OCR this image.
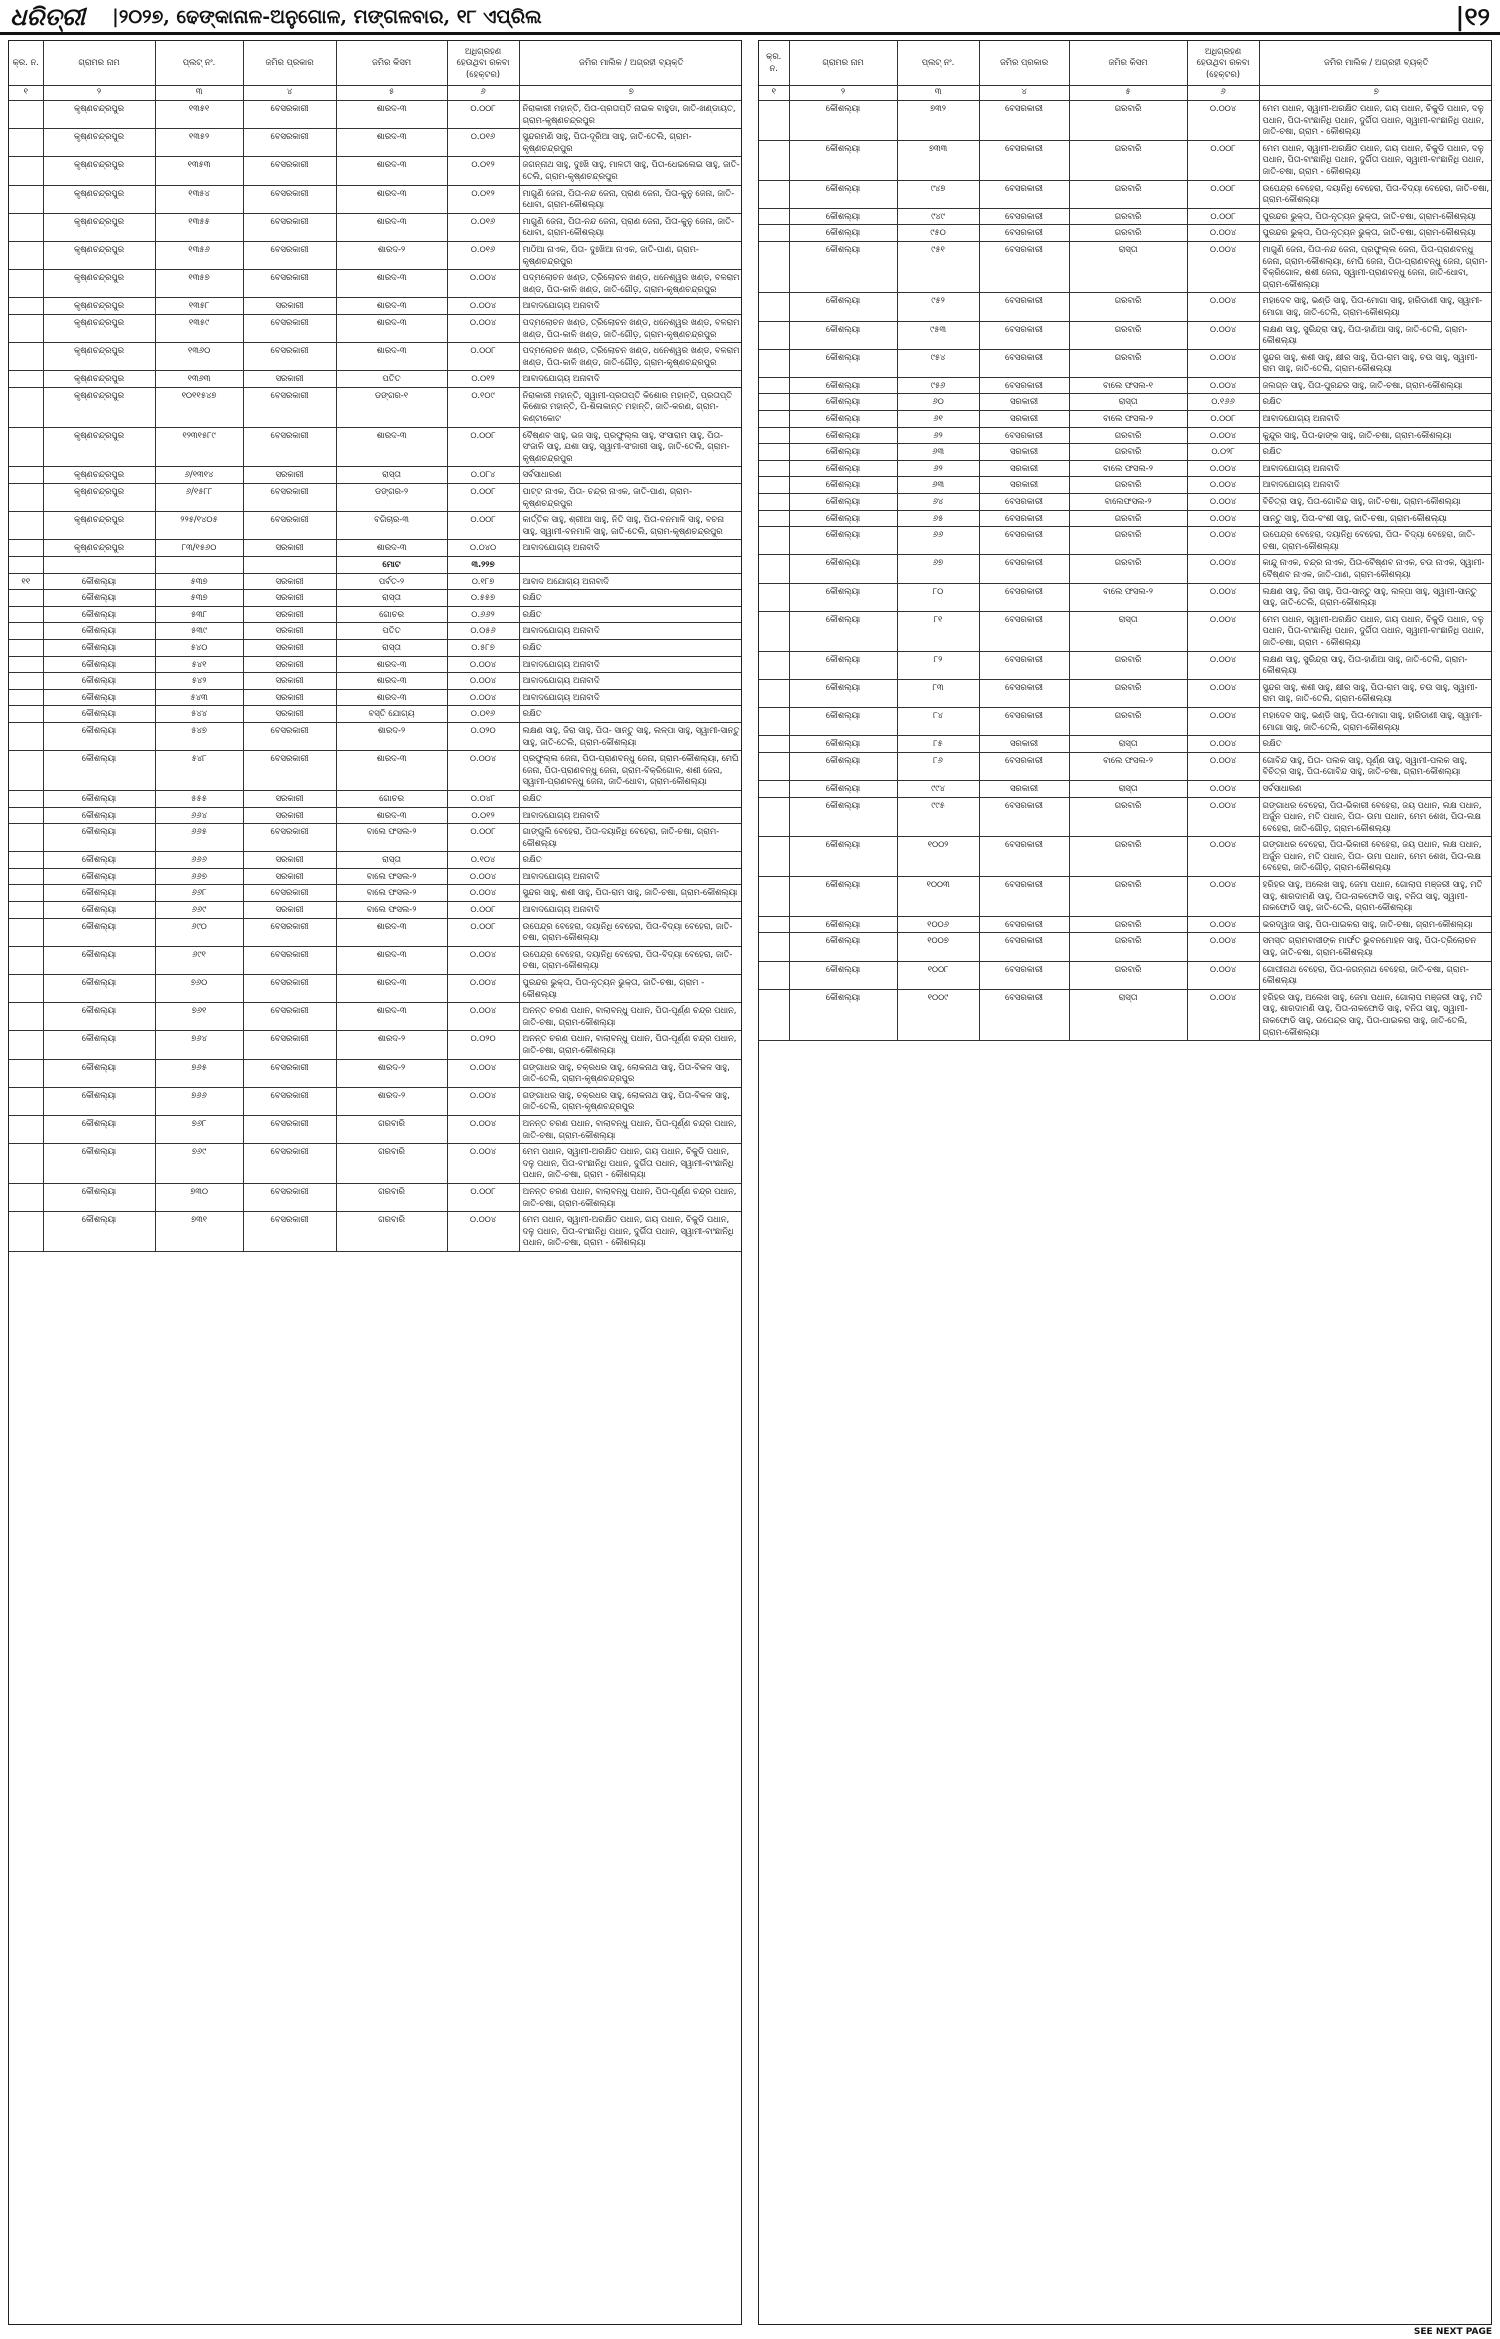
ଧରିତ୍ରୀ |୨୦୨୭, ଢେଙ୍କାନାଳ-ଅନୁଗୋଳ, ମଙ୍ଗଳବାର, ୧୮ ଏପ୍ରିଲ	|୧୨
କ୍ର. ନ.	ଗ୍ରାମର ନାମ	ପ୍ଲଟ୍ ନଂ.	ଜମିର ପ୍ରକାର	ଜମିର କିସମ	ଅଧିଗ୍ରହଣ ହେଉଥିବା ରକବା (ହେକ୍ଟର)	ଜମିର ମାଲିକ / ଅଗ୍ରହୀ ବ୍ୟକ୍ତି
୧	୨	୩	୪	୫	୬	୭
	କୃଷ୍ଣଚନ୍ଦ୍ରପୁର	୧୩୫୧	ବେସରକାରୀ	ଶାରଦ-୩	୦.୦୦୮	ନିରାକାରୀ ମହାନ୍ତି, ପିତା-ପ୍ରତାପ୍ତି ନାଇକ ବାହୁଡା, ଜାତି-ଖଣ୍ଡାୟତ, ଗ୍ରାମ-କୃଷ୍ଣଚନ୍ଦ୍ରପୁର
	କୃଷ୍ଣଚନ୍ଦ୍ରପୁର	୧୩୫୨	ବେସରକାରୀ	ଶାରଦ-୩	୦.୦୧୬	ସୁନ୍ଦରମଣି ସାହୁ, ପିତା-ଦୂରିଆ ସାହୁ, ଜାତି-ତେଲି, ଗ୍ରାମ-କୃଷ୍ଣଚନ୍ଦ୍ରପୁର
	କୃଷ୍ଣଚନ୍ଦ୍ରପୁର	୧୩୫୩	ବେସରକାରୀ	ଶାରଦ-୩	୦.୦୧୨	ଜଗନ୍ନାଥ ସାହୁ, ଦୁଃଖି ସାହୁ, ମାଳତୀ ସାହୁ, ପିତା-ଧେଇଲେଇ ସାହୁ, ଜାତି-ତେଲି, ଗ୍ରାମ-କୃଷ୍ଣଚନ୍ଦ୍ରପୁର
	କୃଷ୍ଣଚନ୍ଦ୍ରପୁର	୧୩୫୪	ବେସରକାରୀ	ଶାରଦ-୩	୦.୦୧୨	ମାଗୁଣି ଜେନା, ପିତା-ନନ୍ଦ ଜେନା, ପ୍ରାଣ ଜେନା, ପିତା-କୁନୁ ଜେନା, ଜାତି-ଧୋବା, ଗ୍ରାମ-କୌଶଲ୍ୟା
	କୃଷ୍ଣଚନ୍ଦ୍ରପୁର	୧୩୫୫	ବେସରକାରୀ	ଶାରଦ-୩	୦.୦୧୬	ମାଗୁଣି ଜେନା, ପିତା-ନନ୍ଦ ଜେନା, ପ୍ରାଣ ଜେନା, ପିତା-କୁନୁ ଜେନା, ଜାତି-ଧୋବା, ଗ୍ରାମ-କୌଶଲ୍ୟା
	କୃଷ୍ଣଚନ୍ଦ୍ରପୁର	୧୩୫୬	ବେସରକାରୀ	ଶାରଦ-୨	୦.୦୧୬	ମାଠିଆ ନାଏକ, ପିତା- ଦୁଃଖିଆ ନାଏକ, ଜାତି-ପାଣ, ଗ୍ରାମ-କୃଷ୍ଣଚନ୍ଦ୍ରପୁର
	କୃଷ୍ଣଚନ୍ଦ୍ରପୁର	୧୩୫୭	ବେସରକାରୀ	ଶାରଦ-୩	୦.୦୦୪	ପଦ୍ମଲୋଚନ ଖଣ୍ଡ, ତ୍ରିଲୋଚନ ଖଣ୍ଡ, ଧନେଶ୍ୱର ଖଣ୍ଡ, ବଳରାମ ଖଣ୍ଡ, ପିତା-କାଳି ଖଣ୍ଡ, ଜାତି-ଗୌଡ଼, ଗ୍ରାମ-କୃଷ୍ଣଚନ୍ଦ୍ରପୁର
	କୃଷ୍ଣଚନ୍ଦ୍ରପୁର	୧୩୫୮	ସରକାରୀ	ଶାରଦ-୩	୦.୦୦୪	ଆବାଦଯୋଗ୍ୟ ଅନାବାଦି
	କୃଷ୍ଣଚନ୍ଦ୍ରପୁର	୧୩୫୯	ବେସରକାରୀ	ଶାରଦ-୩	୦.୦୦୪	ପଦ୍ମଲୋଚନ ଖଣ୍ଡ, ତ୍ରିଲୋଚନ ଖଣ୍ଡ, ଧନେଶ୍ୱର ଖଣ୍ଡ, ବଳରାମ ଖଣ୍ଡ, ପିତା-କାଳି ଖଣ୍ଡ, ଜାତି-ଗୌଡ଼, ଗ୍ରାମ-କୃଷ୍ଣଚନ୍ଦ୍ରପୁର
	କୃଷ୍ଣଚନ୍ଦ୍ରପୁର	୧୩୬୦	ବେସରକାରୀ	ଶାରଦ-୩	୦.୦୦୮	ପଦ୍ମଲୋଚନ ଖଣ୍ଡ, ତ୍ରିଲୋଚନ ଖଣ୍ଡ, ଧନେଶ୍ୱର ଖଣ୍ଡ, ବଳରାମ ଖଣ୍ଡ, ପିତା-କାଳି ଖଣ୍ଡ, ଜାତି-ଗୌଡ଼, ଗ୍ରାମ-କୃଷ୍ଣଚନ୍ଦ୍ରପୁର
	କୃଷ୍ଣଚନ୍ଦ୍ରପୁର	୧୩୬୩	ସରକାରୀ	ପତିତ	୦.୦୧୨	ଆବାଦଯୋଗ୍ୟ ଅନାବାଦି
	କୃଷ୍ଣଚନ୍ଦ୍ରପୁର	୧୦୧୧୫୪୭	ବେସରକାରୀ	ଡଙ୍ଗର-୧	୦.୧୦୯	ନିରାକାରୀ ମହାନ୍ତି, ସ୍ୱାମୀ-ପ୍ରତାପ୍ତି କିଶୋର ମହାନ୍ତି, ପ୍ରତାପ୍ତି କିଶୋର ମହାନ୍ତି, ପି-ଶିଳାକାନ୍ତ ମହାନ୍ତି, ଜାତି-କରଣ, ଗ୍ରାମ- କଣ୍ଟାକୋଟ
	କୃଷ୍ଣଚନ୍ଦ୍ରପୁର	୧୨୩୧୫୮୯	ବେସରକାରୀ	ଶାରଦ-୩	୦.୦୦୮	ବୈଷ୍ଣବ ସାହୁ, ଭଜ ସାହୁ, ପ୍ରଫୁଲ୍ଲ ସାହୁ, ସଂସାରାମ ସାହୁ, ପିତା-ସଂଜାଳି ସାହୁ, ଯଶା ସାହୁ, ସ୍ୱାମୀ-ସଂଜାରୀ ସାହୁ, ଜାତି-ତେଲି, ଗ୍ରାମ-କୃଷ୍ଣଚନ୍ଦ୍ରପୁର
	କୃଷ୍ଣଚନ୍ଦ୍ରପୁର	୬/୧୩୧୪	ସରକାରୀ	ରାସ୍ତା	୦.୦୮୪	ସର୍ବସାଧାରଣ
	କୃଷ୍ଣଚନ୍ଦ୍ରପୁର	୬/୧୫୮୮	ବେସରକାରୀ	ଡଙ୍ଗର-୨	୦.୦୦୮	ପାଟ୍ଟ ନାଏକ, ପିତା- ଚନ୍ଦ୍ର ନାଏକ, ଜାତି-ପାଣ, ଗ୍ରାମ-କୃଷ୍ଣଚନ୍ଦ୍ରପୁର
	କୃଷ୍ଣଚନ୍ଦ୍ରପୁର	୨୨୫/୧୪୦୫	ବେସରକାରୀ	ବଗିଚାର-୩	୦.୦୦୮	କାର୍ତ୍ତିକ ସାହୁ, ଶ୍ରୀଆ ସାହୁ, ନିତି ସାହୁ, ପିତା-ବନମାଳି ସାହୁ, ବଚନା ସାହୁ, ସ୍ୱାମୀ-ବନମାଳି ସାହୁ, ଜାତି-ତେଲି, ଗ୍ରାମ-କୃଷ୍ଣଚନ୍ଦ୍ରପୁର
	କୃଷ୍ଣଚନ୍ଦ୍ରପୁର	୮୩/୧୫୬୦	ସରକାରୀ	ଶାରଦ-୩	୦.୦୪୦	ଆବାଦଯୋଗ୍ୟ ଅନାବାଦି
				ମୋଟ	୩.୨୨୭	
୧୧	କୌଶଲ୍ୟା	୫୩୭	ସରକାରୀ	ପର୍ବତ-୨	୦.୧୮୭	ଆବାଦ ଅଯୋଗ୍ୟ ଅନାବାଦି
	କୌଶଲ୍ୟା	୫୩୭	ସରକାରୀ	ରାସ୍ତା	୦.୫୫୭	ରକ୍ଷିତ
	କୌଶଲ୍ୟା	୫୩୮	ସରକାରୀ	ଗୋଚର	୦.୬୬୨	ରକ୍ଷିତ
	କୌଶଲ୍ୟା	୫୩୯	ସରକାରୀ	ପତିତ	୦.୦୫୬	ଆବାଦଯୋଗ୍ୟ ଅନାବାଦି
	କୌଶଲ୍ୟା	୫୪୦	ସରକାରୀ	ରାସ୍ତା	୦.୫୮୭	ରକ୍ଷିତ
	କୌଶଲ୍ୟା	୫୪୧	ସରକାରୀ	ଶାରଦ-୩	୦.୦୦୪	ଆବାଦଯୋଗ୍ୟ ଅନାବାଦି
	କୌଶଲ୍ୟା	୫୪୨	ସରକାରୀ	ଶାରଦ-୩	୦.୦୦୪	ଆବାଦଯୋଗ୍ୟ ଅନାବାଦି
	କୌଶଲ୍ୟା	୫୪୩	ସରକାରୀ	ଶାରଦ-୩	୦.୦୦୪	ଆବାଦଯୋଗ୍ୟ ଅନାବାଦି
	କୌଶଲ୍ୟା	୫୪୪	ସରକାରୀ	ବସ୍ତି ଯୋଗ୍ୟ	୦.୦୧୬	ରକ୍ଷିତ
	କୌଶଲ୍ୟା	୫୪୭	ବେସରକାରୀ	ଶାରଦ-୨	୦.୦୨୦	ଲକ୍ଷଣ ସାହୁ, ଜିରା ସାହୁ, ପିତା- ସାନ୍ତୁ ସାହୁ, ଲଳ୍ପା ସାହୁ, ସ୍ୱାମୀ-ସାନ୍ତୁ ସାହୁ, ଜାତି-ତେଲି, ଗ୍ରାମ-କୌଶଲ୍ୟା
	କୌଶଲ୍ୟା	୫୪୮	ବେସରକାରୀ	ଶାରଦ-୩	୦.୦୦୪	ପ୍ରଫୁଲ୍ଲ ଜେନା, ପିତା-ପ୍ରାଣବନ୍ଧୁ ଜେନା, ଗ୍ରାମ-କୌଶଲ୍ୟା, ମେଘି ଜେନା, ପିତା-ପ୍ରାଣବନ୍ଧୁ ଜେନା, ଗ୍ରାମ-ବିକ୍ରିଗୋଳ, ଶଶୀ ଜେନା, ସ୍ୱାମୀ-ପ୍ରାଣବନ୍ଧୁ ଜେନା, ଜାତି-ଧୋବା, ଗ୍ରାମ-କୌଶଲ୍ୟା
	କୌଶଲ୍ୟା	୫୫୫	ସରକାରୀ	ଗୋଚର	୦.୦୪୮	ରକ୍ଷିତ
	କୌଶଲ୍ୟା	୬୬୪	ସରକାରୀ	ଶାରଦ-୩	୦.୦୧୨	ଆବାଦଯୋଗ୍ୟ ଅନାବାଦି
	କୌଶଲ୍ୟା	୬୬୫	ବେସରକାରୀ	ବାଲେ ଫସଲ-୨	୦.୦୦୮	ଗାଙ୍ଗୁଲି ବେହେରା, ପିତା-ଦୟାନିଧି ବେହେରା, ଜାତି-ଚଷା, ଗ୍ରାମ-କୌଶଲ୍ୟା
	କୌଶଲ୍ୟା	୬୬୬	ସରକାରୀ	ରାସ୍ତା	୦.୧୦୪	ରକ୍ଷିତ
	କୌଶଲ୍ୟା	୬୬୭	ସରକାରୀ	ବାଲେ ଫସଲ-୨	୦.୦୦୪	ଆବାଦଯୋଗ୍ୟ ଅନାବାଦି
	କୌଶଲ୍ୟା	୬୬୮	ବେସରକାରୀ	ବାଲେ ଫସଲ-୨	୦.୦୦୪	ସୁନ୍ଦର ସାହୁ, ଶଶୀ ସାହୁ, ପିତା-ରାମ ସାହୁ, ଜାତି-ଚଷା, ଗ୍ରାମ-କୌଶଲ୍ୟା
	କୌଶଲ୍ୟା	୬୬୯	ସରକାରୀ	ବାଲେ ଫସଲ-୨	୦.୦୦୮	ଆବାଦଯୋଗ୍ୟ ଅନାବାଦି
	କୌଶଲ୍ୟା	୬୯୦	ବେସରକାରୀ	ଶାରଦ-୩	୦.୦୦୮	ଉପେନ୍ଦ୍ର ବେହେରା, ଦୟାନିଧି ବେହେରା, ପିତା-ବିଦ୍ୟା ବେହେରା, ଜାତି-ଚଷା, ଗ୍ରାମ-କୌଶଲ୍ୟା
	କୌଶଲ୍ୟା	୬୯୧	ବେସରକାରୀ	ଶାରଦ-୩	୦.୦୦୪	ଉପେନ୍ଦ୍ର ବେହେରା, ଦୟାନିଧି ବେହେରା, ପିତା-ବିଦ୍ୟା ବେହେରା, ଜାତି-ଚଷା, ଗ୍ରାମ-କୌଶଲ୍ୟା
	କୌଶଲ୍ୟା	୭୬୦	ବେସରକାରୀ	ଶାରଦ-୩	୦.୦୦୪	ପୁରନ୍ଦର ଭୁକ୍ତା, ପିତା-ନୃତ୍ୟନ ଭୁକ୍ତା, ଜାତି-ଚଷା, ଗ୍ରାମ - କୌଶଲ୍ୟା
	କୌଶଲ୍ୟା	୭୬୧	ବେସରକାରୀ	ଶାରଦ-୩	୦.୦୦୪	ଅନନ୍ତ ଚରଣ ପଧାନ, ବାଲାବନ୍ଧୁ ପଧାନ, ପିତା-ପୂର୍ଣ୍ଣ ଚନ୍ଦ୍ର ପଧାନ, ଜାତି-ଚଷା, ଗ୍ରାମ-କୌଶଲ୍ୟା
	କୌଶଲ୍ୟା	୭୬୪	ବେସରକାରୀ	ଶାରଦ-୨	୦.୦୨୦	ଅନନ୍ତ ଚରଣ ପଧାନ, ବାଲାବନ୍ଧୁ ପଧାନ, ପିତା-ପୂର୍ଣ୍ଣ ଚନ୍ଦ୍ର ପଧାନ, ଜାତି-ଚଷା, ଗ୍ରାମ-କୌଶଲ୍ୟା
	କୌଶଲ୍ୟା	୭୬୫	ବେସରକାରୀ	ଶାରଦ-୨	୦.୦୦୪	ଗଙ୍ଗାଧର ସାହୁ, ଚକ୍ରଧର ସାହୁ, ଲୋକନାଥ ସାହୁ, ପିତା-ବିକଳ ସାହୁ, ଜାତି-ତେଲି, ଗ୍ରାମ-କୃଷ୍ଣଚନ୍ଦ୍ରପୁର
	କୌଶଲ୍ୟା	୭୬୬	ବେସରକାରୀ	ଶାରଦ-୨	୦.୦୦୪	ଗଙ୍ଗାଧର ସାହୁ, ଚକ୍ରଧର ସାହୁ, ଲୋକନାଥ ସାହୁ, ପିତା-ବିକଳ ସାହୁ, ଜାତି-ତେଲି, ଗ୍ରାମ-କୃଷ୍ଣଚନ୍ଦ୍ରପୁର
	କୌଶଲ୍ୟା	୭୬୮	ବେସରକାରୀ	ଗରବାରି	୦.୦୦୪	ଅନନ୍ତ ଚରଣ ପଧାନ, ବାଲାବନ୍ଧୁ ପଧାନ, ପିତା-ପୂର୍ଣ୍ଣ ଚନ୍ଦ୍ର ପଧାନ, ଜାତି-ଚଷା, ଗ୍ରାମ-କୌଶଲ୍ୟା
	କୌଶଲ୍ୟା	୭୬୯	ବେସରକାରୀ	ଗରବାରି	୦.୦୦୪	ମେମ ପଧାନ, ସ୍ୱାମୀ-ଅରକ୍ଷିତ ପଧାନ, ଗୟ ପଧାନ, ଚିକୁଡି ପଧାନ, ଦଳୁ ପଧାନ, ପିତା-ବାଂଛାନିଧି ପଧାନ, ଦୁର୍ଗିତା ପଧାନ, ସ୍ୱାମୀ-ବାଂଛାନିଧି ପଧାନ, ଜାତି-ଚଷା, ଗ୍ରାମ - କୌଶଲ୍ୟା
	କୌଶଲ୍ୟା	୭୩୦	ବେସରକାରୀ	ଗରବାରି	୦.୦୦୮	ଅନନ୍ତ ଚରଣ ପଧାନ, ବାଲାବନ୍ଧୁ ପଧାନ, ପିତା-ପୂର୍ଣ୍ଣ ଚନ୍ଦ୍ର ପଧାନ, ଜାତି-ଚଷା, ଗ୍ରାମ-କୌଶଲ୍ୟା
	କୌଶଲ୍ୟା	୭୩୧	ବେସରକାରୀ	ଗରବାରି	୦.୦୦୪	ମେମ ପଧାନ, ସ୍ୱାମୀ-ଅରକ୍ଷିତ ପଧାନ, ଗୟ ପଧାନ, ଚିକୁଡି ପଧାନ, ଦଳୁ ପଧାନ, ପିତା-ବାଂଛାନିଧି ପଧାନ, ଦୁର୍ଗିତା ପଧାନ, ସ୍ୱାମୀ-ବାଂଛାନିଧି ପଧାନ, ଜାତି-ଚଷା, ଗ୍ରାମ - କୌଶଲ୍ୟା
କ୍ର. ନ.	ଗ୍ରାମର ନାମ	ପ୍ଲଟ୍ ନଂ.	ଜମିର ପ୍ରକାର	ଜମିର କିସମ	ଅଧିଗ୍ରହଣ ହେଉଥିବା ରକବା (ହେକ୍ଟର)	ଜମିର ମାଲିକ / ଅଗ୍ରହୀ ବ୍ୟକ୍ତି
୧	୨	୩	୪	୫	୬	୭
	କୌଶଲ୍ୟା	୭୩୨	ବେସରକାରୀ	ଗରବାରି	୦.୦୦୪	ମେମ ପଧାନ, ସ୍ୱାମୀ-ଅରକ୍ଷିତ ପଧାନ, ଗୟ ପଧାନ, ଚିକୁଡି ପଧାନ, ଦଳୁ ପଧାନ, ପିତା-ବାଂଛାନିଧି ପଧାନ, ଦୁର୍ଗିତା ପଧାନ, ସ୍ୱାମୀ-ବାଂଛାନିଧି ପଧାନ, ଜାତି-ଚଷା, ଗ୍ରାମ - କୌଶଲ୍ୟା
	କୌଶଲ୍ୟା	୭୩୩	ବେସରକାରୀ	ଗରବାରି	୦.୦୦୮	ମେମ ପଧାନ, ସ୍ୱାମୀ-ଅରକ୍ଷିତ ପଧାନ, ଗୟ ପଧାନ, ଚିକୁଡି ପଧାନ, ଦଳୁ ପଧାନ, ପିତା-ବାଂଛାନିଧି ପଧାନ, ଦୁର୍ଗିତା ପଧାନ, ସ୍ୱାମୀ-ବାଂଛାନିଧି ପଧାନ, ଜାତି-ଚଷା, ଗ୍ରାମ - କୌଶଲ୍ୟା
	କୌଶଲ୍ୟା	୯୪୭	ବେସରକାରୀ	ଗରବାରି	୦.୦୦୮	ଉପେନ୍ଦ୍ର ବେହେରା, ଦୟାନିଧି ବେହେରା, ପିତା-ବିଦ୍ୟା ବେହେରା, ଜାତି-ଚଷା, ଗ୍ରାମ-କୌଶଲ୍ୟା
	କୌଶଲ୍ୟା	୯୪୯	ବେସରକାରୀ	ଗରବାରି	୦.୦୦୮	ପୁରନ୍ଦର ଭୁକ୍ତା, ପିତା-ନୃତ୍ୟନ ଭୁକ୍ତା, ଜାତି-ଚଷା, ଗ୍ରାମ-କୌଶଲ୍ୟା
	କୌଶଲ୍ୟା	୯୫୦	ବେସରକାରୀ	ଗରବାରି	୦.୦୦୪	ପୁରନ୍ଦର ଭୁକ୍ତା, ପିତା-ନୃତ୍ୟନ ଭୁକ୍ତା, ଜାତି-ଚଷା, ଗ୍ରାମ-କୌଶଲ୍ୟା
	କୌଶଲ୍ୟା	୯୫୧	ବେସରକାରୀ	ରାସ୍ତା	୦.୦୦୪	ମାଗୁଣି ଜେନା, ପିତା-ନନ୍ଦ ଜେନା, ପ୍ରଫୁଲ୍ଲ ଜେନା, ପିତା-ପ୍ରାଣବନ୍ଧୁ ଜେନା, ଗ୍ରାମ-କୌଶଲ୍ୟା, ମେଘି ଜେନା, ପିତା-ପ୍ରାଣବନ୍ଧୁ ଜେନା, ଗ୍ରାମ-ବିକ୍ରିଗୋଳ, ଶଶୀ ଜେନା, ସ୍ୱାମୀ-ପ୍ରାଣବନ୍ଧୁ ଜେନା, ଜାତି-ଧୋବା, ଗ୍ରାମ-କୌଶଲ୍ୟା
	କୌଶଲ୍ୟା	୯୫୨	ବେସରକାରୀ	ଗରବାରି	୦.୦୦୪	ମହାଦେବ ସାହୁ, ଭଣ୍ଡି ସାହୁ, ପିତା-ମୋଗା ସାହୁ, ହାରିଡାଣୀ ସାହୁ, ସ୍ୱାମୀ-ମୋଗା ସାହୁ, ଜାତି-ତେଲି, ଗ୍ରାମ-କୌଶଲ୍ୟା
	କୌଶଲ୍ୟା	୯୫୩	ବେସରକାରୀ	ଗରବାରି	୦.୦୦୪	ଲକ୍ଷଣ ସାହୁ, ସୁରିନ୍ଦ୍ରା ସାହୁ, ପିତା-ହାଣିଆ ସାହୁ, ଜାତି-ତେଲି, ଗ୍ରାମ-କୌଶଲ୍ୟା
	କୌଶଲ୍ୟା	୯୫୪	ବେସରକାରୀ	ଗରବାରି	୦.୦୦୪	ସୁନ୍ଦର ସାହୁ, ଶଶୀ ସାହୁ, କ୍ଷୀର ସାହୁ, ପିତା-ରାମ ସାହୁ, ଚଉ ସାହୁ, ସ୍ୱାମୀ-ରାମ ସାହୁ, ଜାତି-ତେଲି, ଗ୍ରାମ-କୌଶଲ୍ୟା
	କୌଶଲ୍ୟା	୯୫୬	ବେସରକାରୀ	ବାଲେ ଫସଲ-୧	୦.୦୦୪	ଜଲଗ୍ନ ସାହୁ, ପିତା-ପୁରନ୍ଦର ସାହୁ, ଜାତି-ଚଷା, ଗ୍ରାମ-କୌଶଲ୍ୟା
	କୌଶଲ୍ୟା	୬୦	ସରକାରୀ	ରାସ୍ତା	୦.୧୬୬	ରକ୍ଷିତ
	କୌଶଲ୍ୟା	୬୧	ସରକାରୀ	ବାଲେ ଫସଲ-୨	୦.୦୦୮	ଆବାଦଯୋଗ୍ୟ ଅନାବାଦି
	କୌଶଲ୍ୟା	୬୨	ବେସରକାରୀ	ଗରବାରି	୦.୦୦୪	କୁନ୍ଦୁର ସାହୁ, ପିତା-ଢାଙ୍କ ସାହୁ, ଜାତି-ଚଷା, ଗ୍ରାମ-କୌଶଲ୍ୟା
	କୌଶଲ୍ୟା	୬୩	ସରକାରୀ	ଗରବାରି	୦.୦୨୮	ରକ୍ଷିତ
	କୌଶଲ୍ୟା	୬୨	ସରକାରୀ	ବାଲେ ଫସଲ-୨	୦.୦୦୪	ଆବାଦଯୋଗ୍ୟ ଅନାବାଦି
	କୌଶଲ୍ୟା	୬୩	ସରକାରୀ	ଗରବାରି	୦.୦୦୪	ଆବାଦଯୋଗ୍ୟ ଅନାବାଦି
	କୌଶଲ୍ୟା	୬୪	ବେସରକାରୀ	ବାଲେଫସଲ-୨	୦.୦୦୪	ବିଚିତ୍ରା ସାହୁ, ପିତା-ଗୋବିନ୍ଦ ସାହୁ, ଜାତି-ଚଷା, ଗ୍ରାମ-କୌଶଲ୍ୟା
	କୌଶଲ୍ୟା	୬୫	ବେସରକାରୀ	ଗରବାରି	୦.୦୦୪	ସାନ୍ତୁ ସାହୁ, ପିତା-ବଂଶୀ ସାହୁ, ଜାତି-ଚଷା, ଗ୍ରାମ-କୌଶଲ୍ୟା
	କୌଶଲ୍ୟା	୬୬	ବେସରକାରୀ	ଗରବାରି	୦.୦୦୪	ଉପେନ୍ଦ୍ର ବେହେରା, ଦୟାନିଧି ବେହେରା, ପିତା- ବିଦ୍ୟା ବେହେରା, ଜାତି-ଚଷା, ଗ୍ରାମ-କୌଶଲ୍ୟା
	କୌଶଲ୍ୟା	୬୭	ବେସରକାରୀ	ଗରବାରି	୦.୦୦୪	କାନ୍ଦୁ ନାଏକ, ଚନ୍ଦ୍ର ନାଏକ, ପିତା-ବୈଷ୍ଣବ ନାଏକ, ଚଉ ନାଏକ, ସ୍ୱାମୀ-ବୈଷ୍ଣବ ନାଏକ, ଜାତି-ପାଣ, ଗ୍ରାମ-କୌଶଲ୍ୟା
	କୌଶଲ୍ୟା	୮୦	ବେସରକାରୀ	ବାଲେ ଫସଲ-୨	୦.୦୦୪	ଲକ୍ଷଣ ସାହୁ, ଜିରା ସାହୁ, ପିତା-ସାନ୍ତୁ ସାହୁ, ଲଳ୍ପା ସାହୁ, ସ୍ୱାମୀ-ସାନ୍ତୁ ସାହୁ, ଜାତି-ତେଲି, ଗ୍ରାମ-କୌଶଲ୍ୟା
	କୌଶଲ୍ୟା	୮୧	ବେସରକାରୀ	ରାସ୍ତା	୦.୦୦୪	ମେମ ପଧାନ, ସ୍ୱାମୀ-ଅରକ୍ଷିତ ପଧାନ, ଗୟ ପଧାନ, ଚିକୁଡି ପଧାନ, ଦଳୁ ପଧାନ, ପିତା-ବାଂଛାନିଧି ପଧାନ, ଦୁର୍ଗିତା ପଧାନ, ସ୍ୱାମୀ-ବାଂଛାନିଧି ପଧାନ, ଜାତି-ଚଷା, ଗ୍ରାମ - କୌଶଲ୍ୟା
	କୌଶଲ୍ୟା	୮୨	ବେସରକାରୀ	ଗରବାରି	୦.୦୦୪	ଲକ୍ଷଣ ସାହୁ, ସୁରିନ୍ଦ୍ରା ସାହୁ, ପିତା-ହାଣିଆ ସାହୁ, ଜାତି-ତେଲି, ଗ୍ରାମ-କୌଶଲ୍ୟା
	କୌଶଲ୍ୟା	୮୩	ବେସରକାରୀ	ଗରବାରି	୦.୦୦୪	ସୁନ୍ଦର ସାହୁ, ଶଶୀ ସାହୁ, କ୍ଷୀର ସାହୁ, ପିତା-ରାମ ସାହୁ, ଚଉ ସାହୁ, ସ୍ୱାମୀ-ରାମ ସାହୁ, ଜାତି-ତେଲି, ଗ୍ରାମ-କୌଶଲ୍ୟା
	କୌଶଲ୍ୟା	୮୪	ବେସରକାରୀ	ଗରବାରି	୦.୦୦୪	ମହାଦେବ ସାହୁ, ଭଣ୍ଡି ସାହୁ, ପିତା-ମୋଗା ସାହୁ, ହାରିଡାଣୀ ସାହୁ, ସ୍ୱାମୀ-ମୋଗା ସାହୁ, ଜାତି-ତେଲି, ଗ୍ରାମ-କୌଶଲ୍ୟା
	କୌଶଲ୍ୟା	୮୫	ସରକାରୀ	ରାସ୍ତା	୦.୦୦୪	ରକ୍ଷିତ
	କୌଶଲ୍ୟା	୮୬	ବେସରକାରୀ	ବାଲେ ଫସଲ-୨	୦.୦୦୪	ଗୋବିନ୍ଦ ସାହୁ, ପିତା- ପଲକ ସାହୁ, ପୂର୍ଣ୍ଣ ସାହୁ, ସ୍ୱାମୀ-ପଲକ ସାହୁ, ବିଚିତ୍ର ସାହୁ, ପିତା-ଗୋବିନ୍ଦ ସାହୁ, ଜାତି-ଚଷା, ଗ୍ରାମ-କୌଶଲ୍ୟା
	କୌଶଲ୍ୟା	୯୯୪	ସରକାରୀ	ରାସ୍ତା	୦.୦୦୪	ସର୍ବସାଧାରଣ
	କୌଶଲ୍ୟା	୯୯୫	ବେସରକାରୀ	ଗରବାରି	୦.୦୦୪	ଗଙ୍ଗାଧର ବେହେରା, ପିତା-ଭିକାରୀ ବେହେରା, ଜୟ ପଧାନ, ଲକ୍ଷ ପଧାନ, ଅର୍ଜୁନ ପଧାନ, ମତି ପଧାନ, ପିତା- ଉମା ପଧାନ, ମେମ ଶେଖ, ପିତା-ଲକ୍ଷ ବେହେରା, ଜାତି-ଗୌଡ଼, ଗ୍ରାମ-କୌଶଲ୍ୟା
	କୌଶଲ୍ୟା	୧୦୦୨	ବେସରକାରୀ	ଗରବାରି	୦.୦୦୪	ଗଙ୍ଗାଧର ବେହେରା, ପିତା-ଭିକାରୀ ବେହେରା, ଜୟ ପଧାନ, ଲକ୍ଷ ପଧାନ, ଅର୍ଜୁନ ପଧାନ, ମତି ପଧାନ, ପିତା- ଉମା ପଧାନ, ମେମ ଶେଖ, ପିତା-ଲକ୍ଷ ବେହେରା, ଜାତି-ଗୌଡ଼, ଗ୍ରାମ-କୌଶଲ୍ୟା
	କୌଶଲ୍ୟା	୧୦୦୩	ବେସରକାରୀ	ଗରବାରି	୦.୦୦୪	ହରିହର ସାହୁ, ଅଲେଖ ସାହୁ, ଜେମା ପଧାନ, ଗୋଲାପ ମଞ୍ଜରୀ ସାହୁ, ମତି ସାହୁ, ଶାରଦାମଣି ସାହୁ, ପିତା-ନାକଫୋଡି ସାହୁ, ବନିତା ସାହୁ, ସ୍ୱାମୀ-ନାକଫୋଡି ସାହୁ, ଜାତି-ତେଲି, ଗ୍ରାମ-କୌଶଲ୍ୟା
	କୌଶଲ୍ୟା	୧୦୦୬	ବେସରକାରୀ	ଗରବାରି	୦.୦୦୪	ଭରଦ୍ୱାଜ ସାହୁ, ପିତା-ପାଇକରା ସାହୁ, ଜାତି-ଚଷା, ଗ୍ରାମ-କୌଶଲ୍ୟା
	କୌଶଲ୍ୟା	୧୦୦୭	ବେସରକାରୀ	ଗରବାରି	୦.୦୦୪	ସମସ୍ତ ଗ୍ରାମବାସୀଙ୍କ ମାର୍ଫତ ଭୁବନମୋହନ ସାହୁ, ପିତା-ତ୍ରିଲୋଚନ ସାହୁ, ଜାତି-ଚଷା, ଗ୍ରାମ-କୌଶଲ୍ୟା
	କୌଶଲ୍ୟା	୧୦୦୮	ବେସରକାରୀ	ଗରବାରି	୦.୦୦୪	ଗୋପୀନାଥ ବେହେରା, ପିତା-ଜଗନ୍ନାଥ ବେହେରା, ଜାତି-ଚଷା, ଗ୍ରାମ-କୌଶଲ୍ୟା
	କୌଶଲ୍ୟା	୧୦୦୯	ବେସରକାରୀ	ରାସ୍ତା	୦.୦୦୪	ହରିହର ସାହୁ, ଅଲେଖ ସାହୁ, ଜେମା ପଧାନ, ଗୋଲାପ ମଞ୍ଜରୀ ସାହୁ, ମତି ସାହୁ, ଶାରଦାମଣି ସାହୁ, ପିତା-ନାକଫୋଡି ସାହୁ, ବନିତା ସାହୁ, ସ୍ୱାମୀ-ନାକଫୋଡି ସାହୁ, ଉପେନ୍ଦ୍ର ସାହୁ, ପିତା-ପାଇକରା ସାହୁ, ଜାତି-ତେଲି, ଗ୍ରାମ-କୌଶଲ୍ୟା
SEE NEXT PAGE
